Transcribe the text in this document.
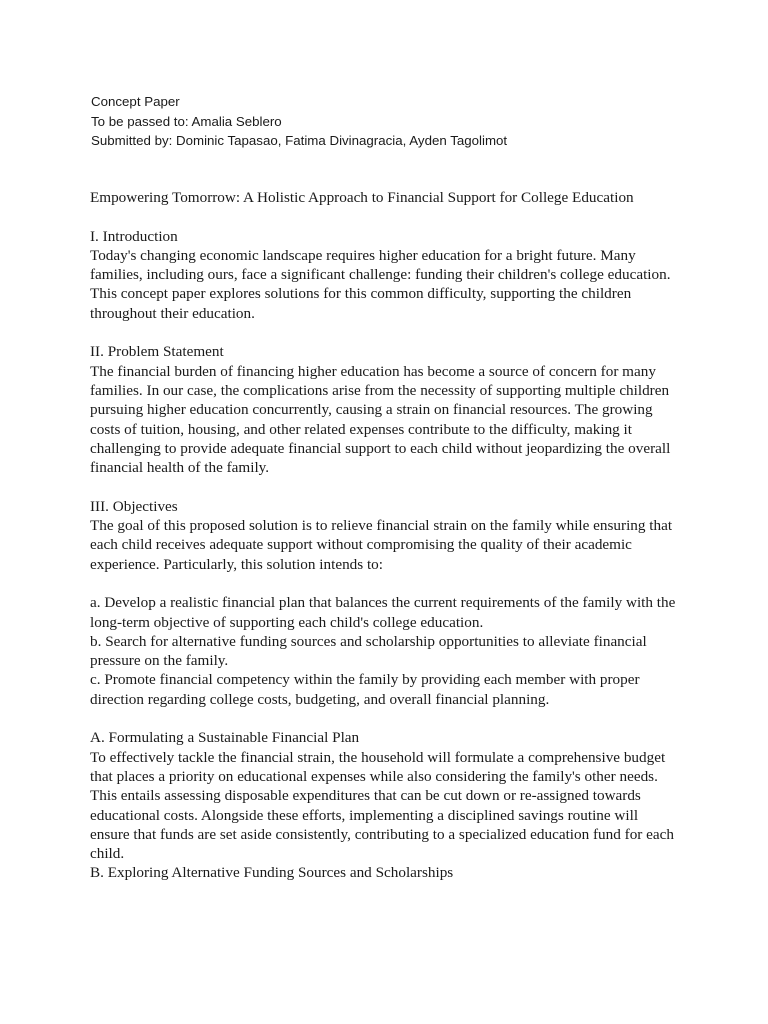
Concept Paper
To be passed to: Amalia Seblero
Submitted by: Dominic Tapasao, Fatima Divinagracia, Ayden Tagolimot

Empowering Tomorrow: A Holistic Approach to Financial Support for College Education

I. Introduction

Today's changing economic landscape requires higher education for a bright future. Many families, including ours, face a significant challenge: funding their children's college education. This concept paper explores solutions for this common difficulty, supporting the children throughout their education.

II. Problem Statement

The financial burden of financing higher education has become a source of concern for many families. In our case, the complications arise from the necessity of supporting multiple children pursuing higher education concurrently, causing a strain on financial resources. The growing costs of tuition, housing, and other related expenses contribute to the difficulty, making it challenging to provide adequate financial support to each child without jeopardizing the overall financial health of the family.

III. Objectives

The goal of this proposed solution is to relieve financial strain on the family while ensuring that each child receives adequate support without compromising the quality of their academic experience. Particularly, this solution intends to:

a. Develop a realistic financial plan that balances the current requirements of the family with the long-term objective of supporting each child's college education.

b. Search for alternative funding sources and scholarship opportunities to alleviate financial pressure on the family.

c. Promote financial competency within the family by providing each member with proper direction regarding college costs, budgeting, and overall financial planning.

A. Formulating a Sustainable Financial Plan

To effectively tackle the financial strain, the household will formulate a comprehensive budget that places a priority on educational expenses while also considering the family's other needs. This entails assessing disposable expenditures that can be cut down or re-assigned towards educational costs. Alongside these efforts, implementing a disciplined savings routine will ensure that funds are set aside consistently, contributing to a specialized education fund for each child.

B. Exploring Alternative Funding Sources and Scholarships
